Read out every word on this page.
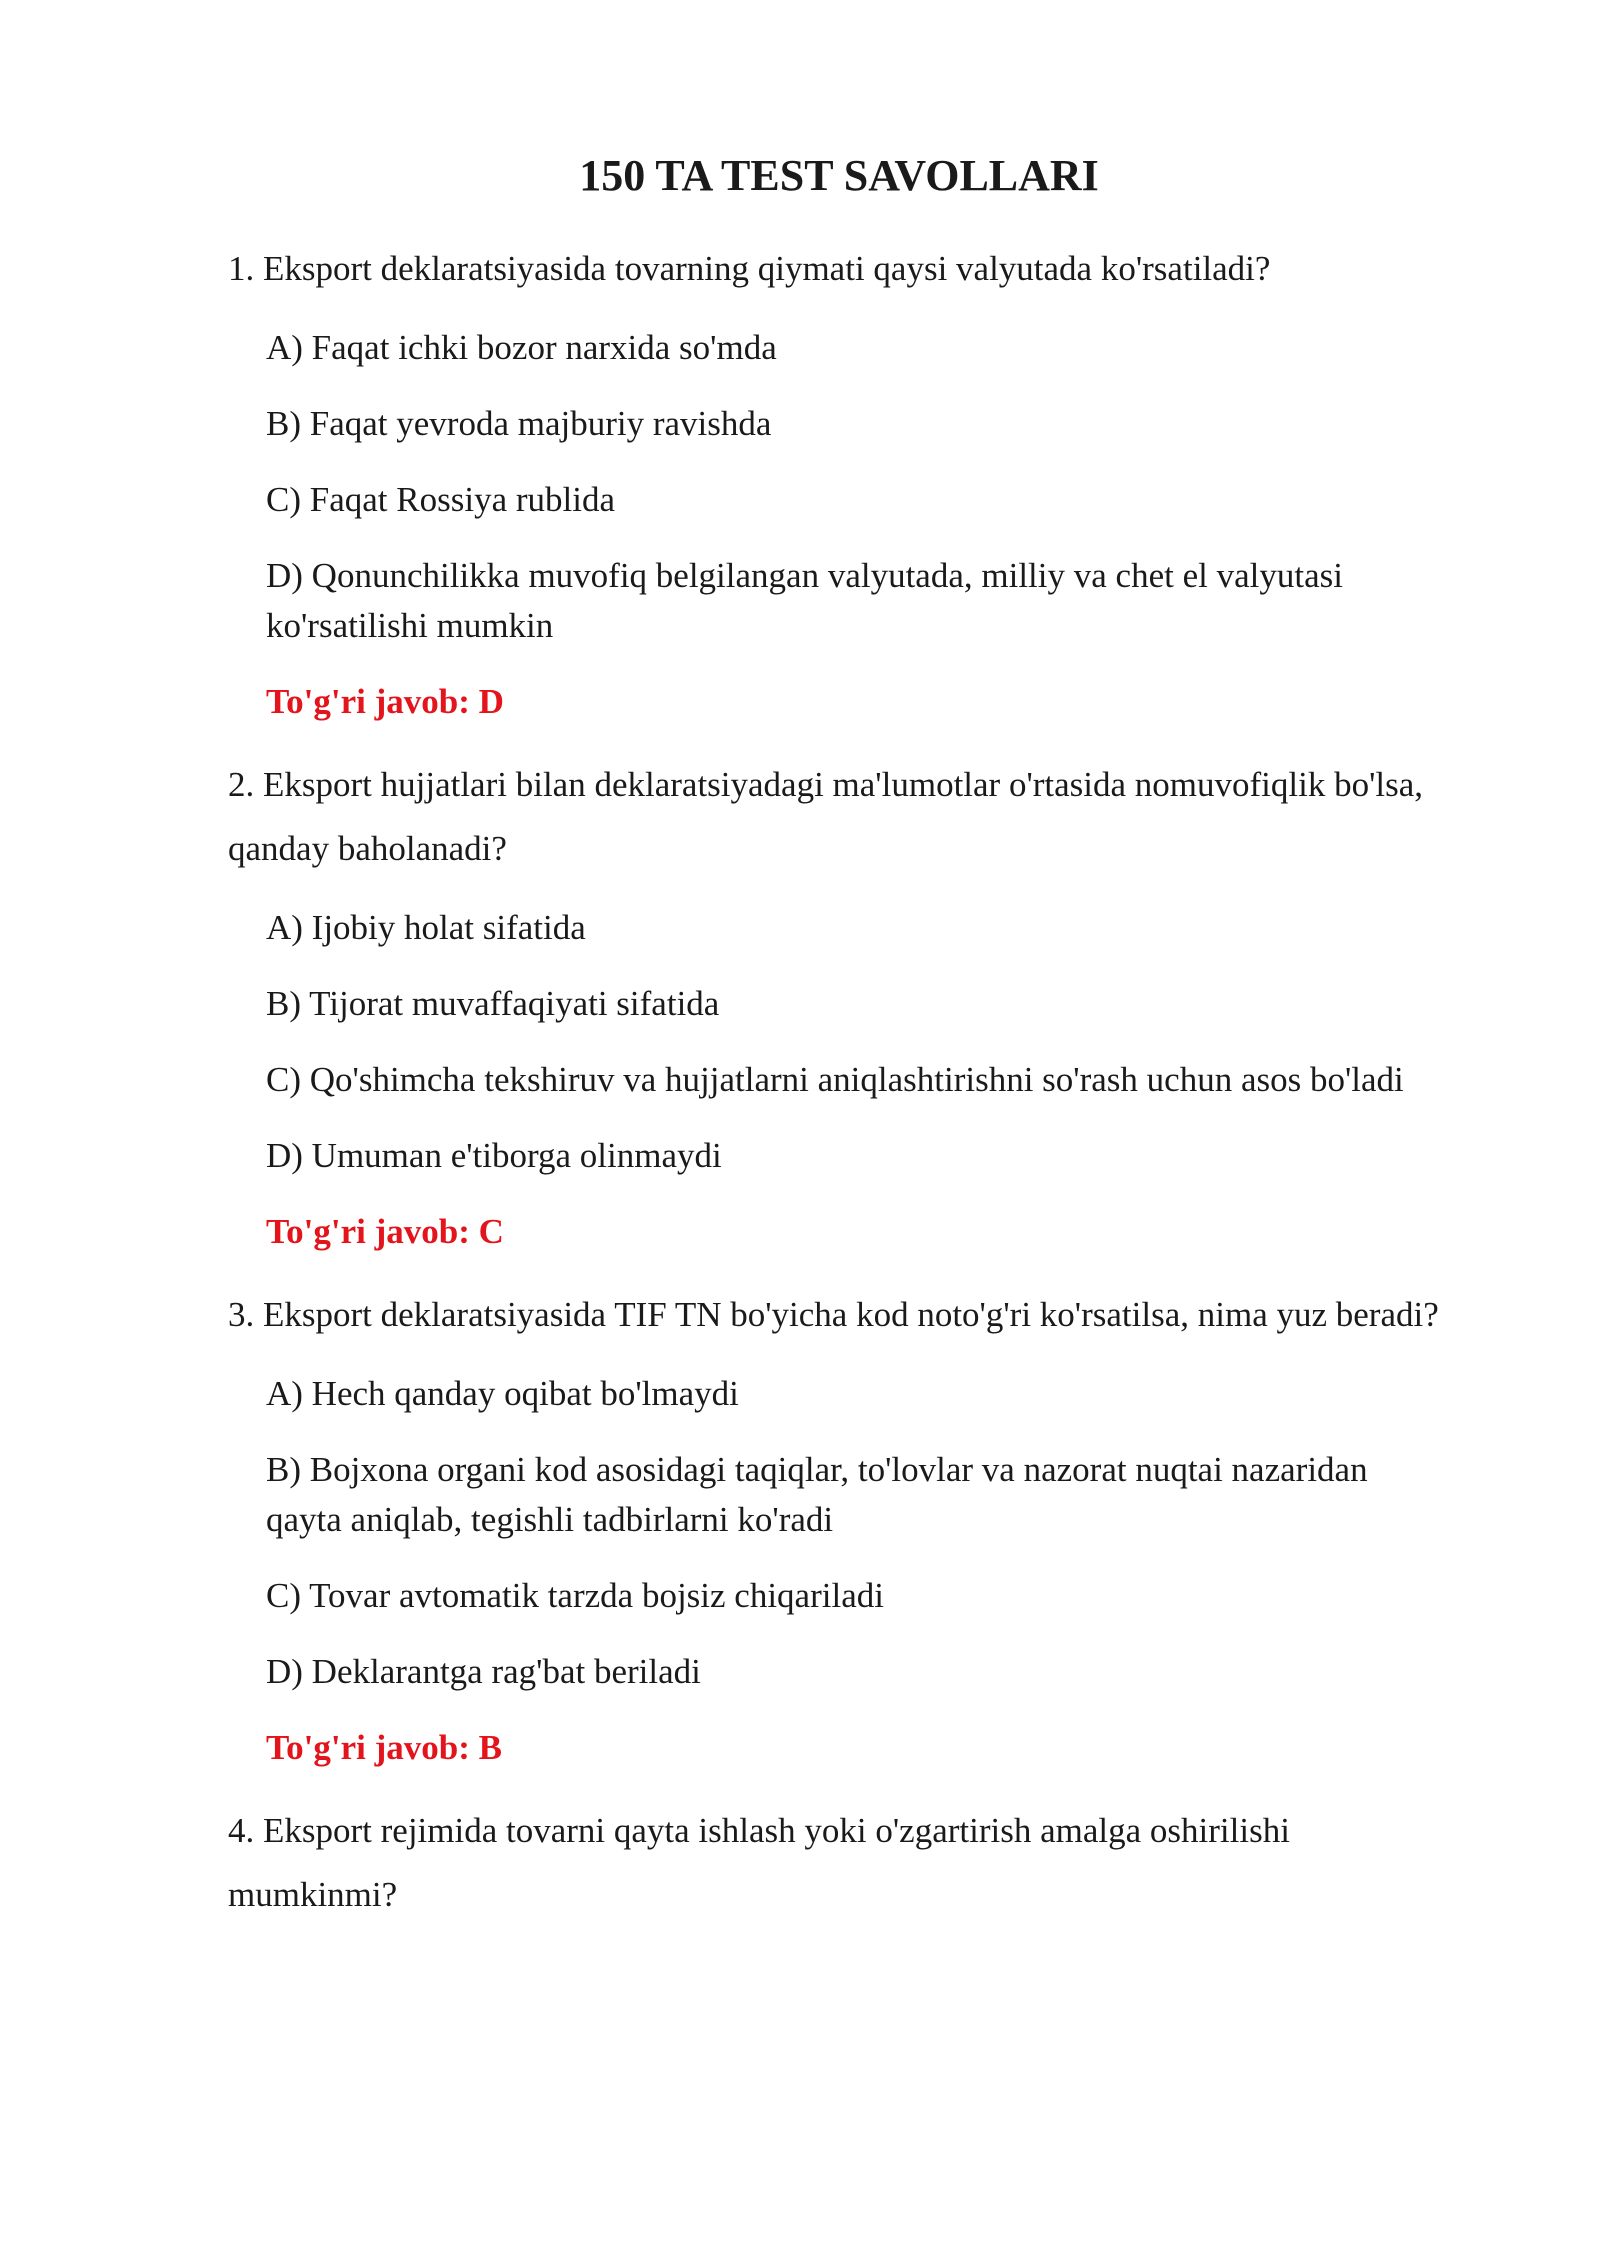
150 TA TEST SAVOLLARI

1. Eksport deklaratsiyasida tovarning qiymati qaysi valyutada ko'rsatiladi?

A) Faqat ichki bozor narxida so'mda
B) Faqat yevroda majburiy ravishda
C) Faqat Rossiya rublida
D) Qonunchilikka muvofiq belgilangan valyutada, milliy va chet el valyutasi ko'rsatilishi mumkin

To'g'ri javob: D

2. Eksport hujjatlari bilan deklaratsiyadagi ma'lumotlar o'rtasida nomuvofiqlik bo'lsa, qanday baholanadi?

A) Ijobiy holat sifatida
B) Tijorat muvaffaqiyati sifatida
C) Qo'shimcha tekshiruv va hujjatlarni aniqlashtirishni so'rash uchun asos bo'ladi
D) Umuman e'tiborga olinmaydi

To'g'ri javob: C

3. Eksport deklaratsiyasida TIF TN bo'yicha kod noto'g'ri ko'rsatilsa, nima yuz beradi?

A) Hech qanday oqibat bo'lmaydi
B) Bojxona organi kod asosidagi taqiqlar, to'lovlar va nazorat nuqtai nazaridan qayta aniqlab, tegishli tadbirlarni ko'radi
C) Tovar avtomatik tarzda bojsiz chiqariladi
D) Deklarantga rag'bat beriladi

To'g'ri javob: B

4. Eksport rejimida tovarni qayta ishlash yoki o'zgartirish amalga oshirilishi mumkinmi?
